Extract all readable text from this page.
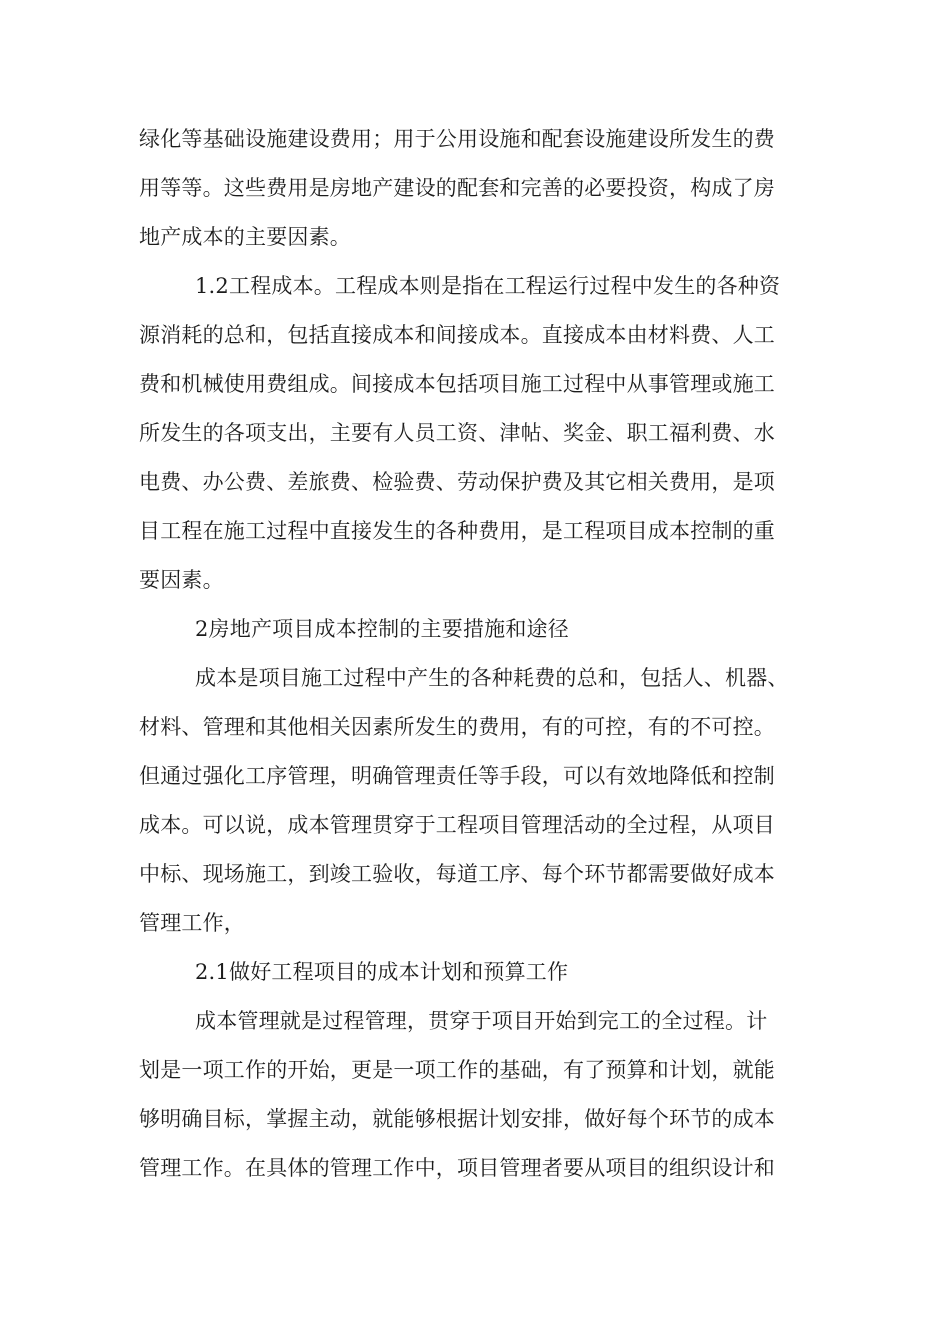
绿化等基础设施建设费用；用于公用设施和配套设施建设所发生的费
用等等。这些费用是房地产建设的配套和完善的必要投资，构成了房
地产成本的主要因素。
1.2工程成本。工程成本则是指在工程运行过程中发生的各种资
源消耗的总和，包括直接成本和间接成本。直接成本由材料费、人工
费和机械使用费组成。间接成本包括项目施工过程中从事管理或施工
所发生的各项支出，主要有人员工资、津帖、奖金、职工福利费、水
电费、办公费、差旅费、检验费、劳动保护费及其它相关费用，是项
目工程在施工过程中直接发生的各种费用，是工程项目成本控制的重
要因素。
2房地产项目成本控制的主要措施和途径
成本是项目施工过程中产生的各种耗费的总和，包括人、机器、
材料、管理和其他相关因素所发生的费用，有的可控，有的不可控。
但通过强化工序管理，明确管理责任等手段，可以有效地降低和控制
成本。可以说，成本管理贯穿于工程项目管理活动的全过程，从项目
中标、现场施工，到竣工验收，每道工序、每个环节都需要做好成本
管理工作，
2.1做好工程项目的成本计划和预算工作
成本管理就是过程管理，贯穿于项目开始到完工的全过程。计
划是一项工作的开始，更是一项工作的基础，有了预算和计划，就能
够明确目标，掌握主动，就能够根据计划安排，做好每个环节的成本
管理工作。在具体的管理工作中，项目管理者要从项目的组织设计和
